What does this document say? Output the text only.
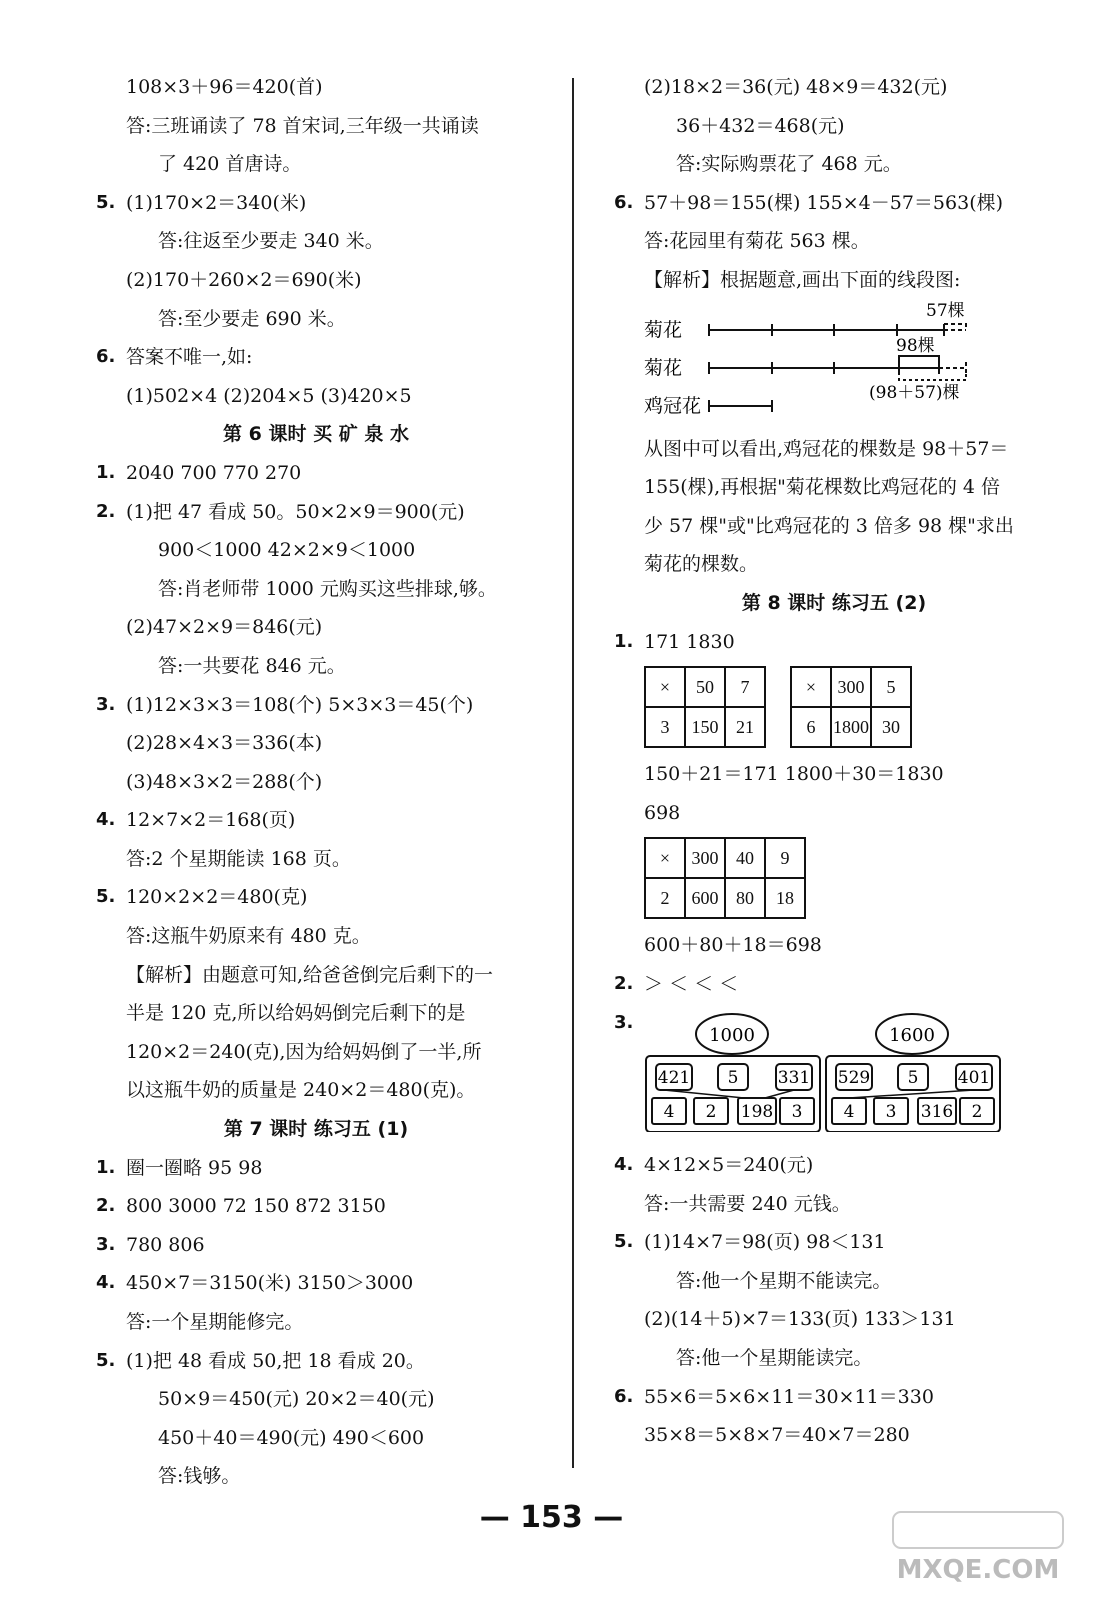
108×3＋96＝420(首)
答:三班诵读了 78 首宋词,三年级一共诵读
了 420 首唐诗。
5. (1)170×2＝340(米)
答:往返至少要走 340 米。
(2)170＋260×2＝690(米)
答:至少要走 690 米。
6. 答案不唯一,如:
(1)502×4 (2)204×5 (3)420×5
第 6 课时 买 矿 泉 水
1. 2040 700 770 270
2. (1)把 47 看成 50。50×2×9＝900(元)
900＜1000 42×2×9＜1000
答:肖老师带 1000 元购买这些排球,够。
(2)47×2×9＝846(元)
答:一共要花 846 元。
3. (1)12×3×3＝108(个) 5×3×3＝45(个)
(2)28×4×3＝336(本)
(3)48×3×2＝288(个)
4. 12×7×2＝168(页)
答:2 个星期能读 168 页。
5. 120×2×2＝480(克)
答:这瓶牛奶原来有 480 克。
【解析】由题意可知,给爸爸倒完后剩下的一
半是 120 克,所以给妈妈倒完后剩下的是
120×2＝240(克),因为给妈妈倒了一半,所
以这瓶牛奶的质量是 240×2＝480(克)。
第 7 课时 练习五 (1)
1. 圈一圈略 95 98
2. 800 3000 72 150 872 3150
3. 780 806
4. 450×7＝3150(米) 3150＞3000
答:一个星期能修完。
5. (1)把 48 看成 50,把 18 看成 20。
50×9＝450(元) 20×2＝40(元)
450＋40＝490(元) 490＜600
答:钱够。
(2)18×2＝36(元) 48×9＝432(元)
36＋432＝468(元)
答:实际购票花了 468 元。
6. 57＋98＝155(棵) 155×4－57＝563(棵)
答:花园里有菊花 563 棵。
【解析】根据题意,画出下面的线段图:
菊花
菊花
鸡冠花
57棵
98棵
(98＋57)棵
从图中可以看出,鸡冠花的棵数是 98＋57＝
155(棵),再根据"菊花棵数比鸡冠花的 4 倍
少 57 棵"或"比鸡冠花的 3 倍多 98 棵"求出
菊花的棵数。
第 8 课时 练习五 (2)
1. 171 1830
×	50	7
3	150	21
×	300	5
6	1800	30
150＋21＝171 1800＋30＝1830
698
×	300	40	9
2	600	80	18
600＋80＋18＝698
2. ＞ ＜ ＜ ＜
3.
1000
421 5 331
4 2 198 3
1600
529 5 401
4 3 316 2
4. 4×12×5＝240(元)
答:一共需要 240 元钱。
5. (1)14×7＝98(页) 98＜131
答:他一个星期不能读完。
(2)(14＋5)×7＝133(页) 133＞131
答:他一个星期能读完。
6. 55×6＝5×6×11＝30×11＝330
35×8＝5×8×7＝40×7＝280
— 153 —
MXQE.COM
